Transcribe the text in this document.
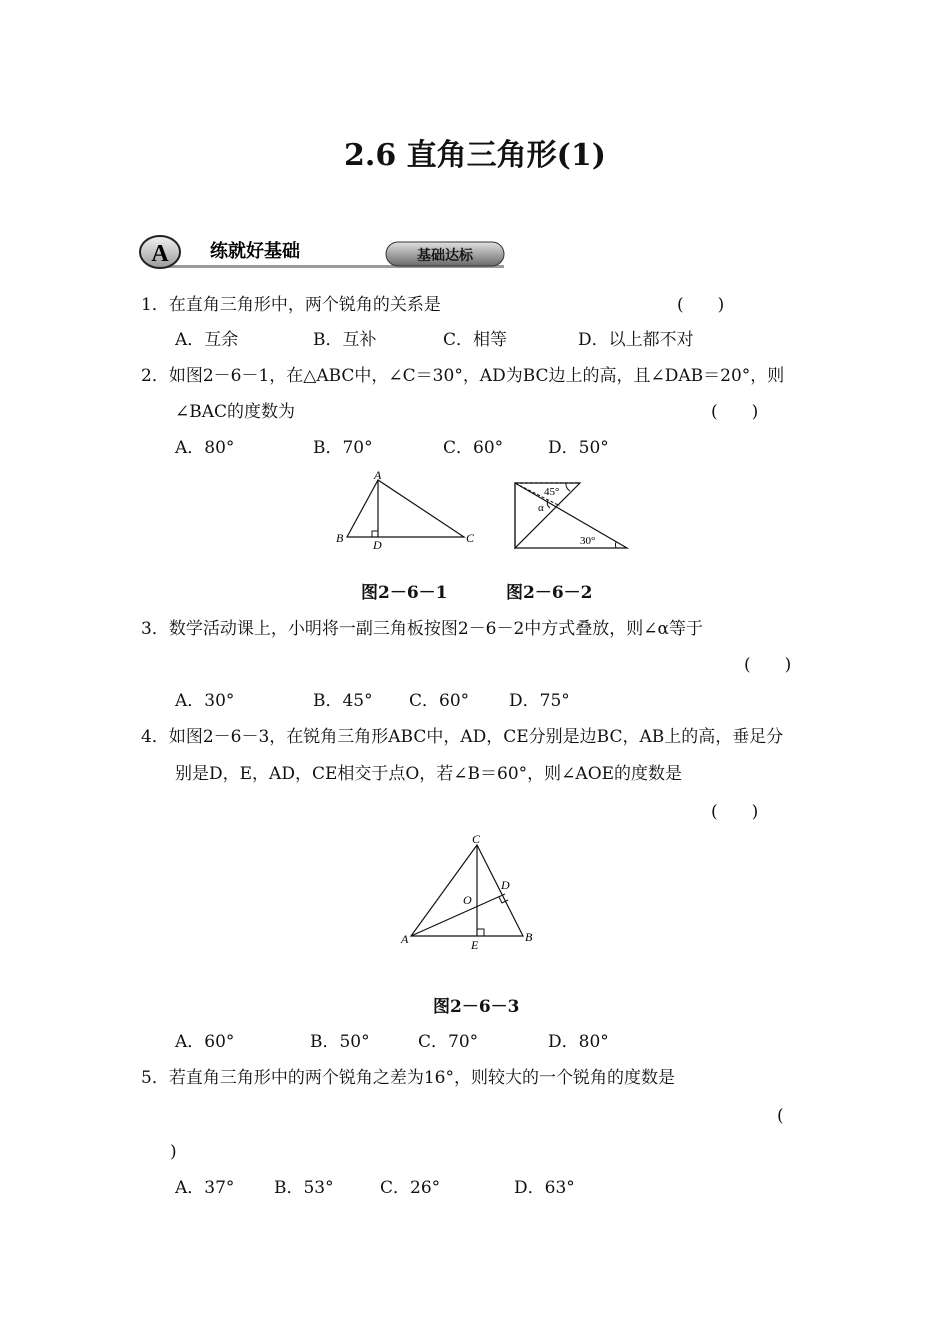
2.6 直角三角形(1)
A 练就好基础	基础达标
1．在直角三角形中，两个锐角的关系是	(　　)
A．互余	B．互补	C．相等	D．以上都不对
2．如图2－6－1，在△ABC中，∠C＝30°，AD为BC边上的高，且∠DAB＝20°，则
∠BAC的度数为	(　　)
A．80°	B．70°	C．60°	D．50°
A
B	C
D
45°
α
30°
图2－6－1	图2－6－2
3．数学活动课上，小明将一副三角板按图2－6－2中方式叠放，则∠α等于
(　　)
A．30°	B．45° C．60° D．75°
4．如图2－6－3，在锐角三角形ABC中，AD，CE分别是边BC，AB上的高，垂足分
别是D，E，AD，CE相交于点O，若∠B＝60°，则∠AOE的度数是
(　　)
C
A	B
D
E
O
图2－6－3
A．60°	B．50°	C．70°	D．80°
5．若直角三角形中的两个锐角之差为16°，则较大的一个锐角的度数是
(
)
A．37° B．53°	C．26°	D．63°
